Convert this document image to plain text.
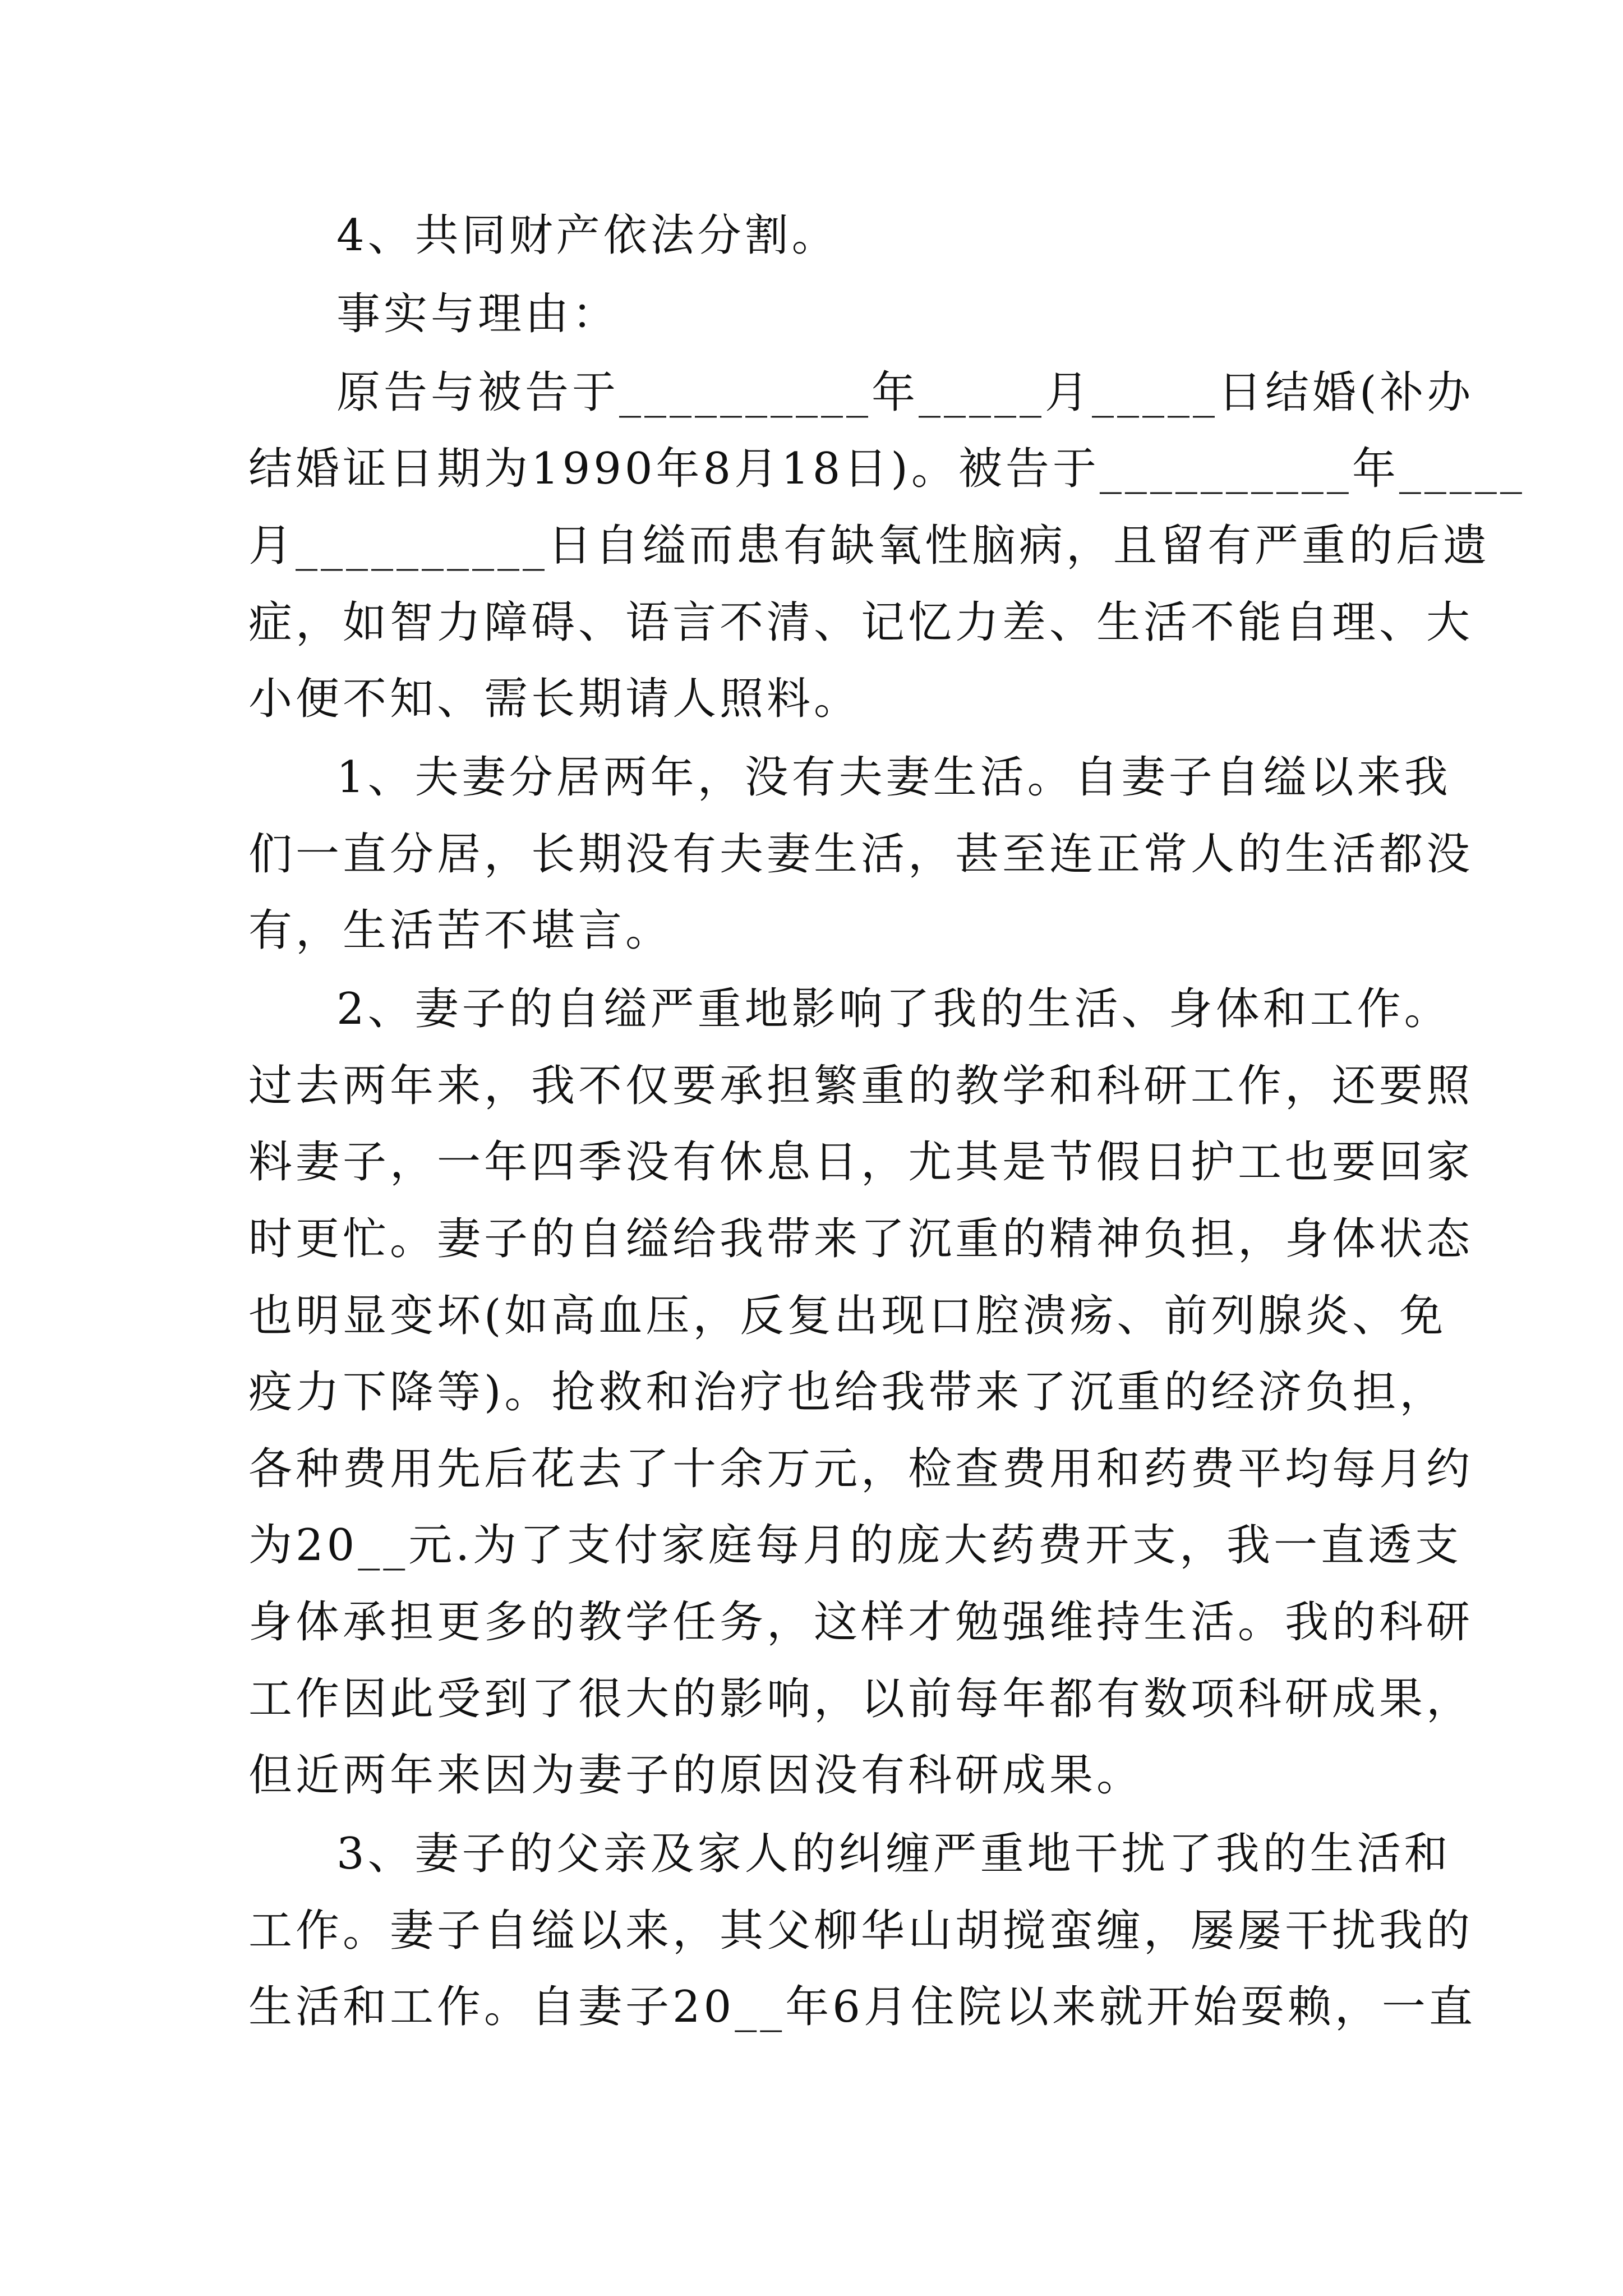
4、共同财产依法分割。
事实与理由：
原告与被告于__________年_____月_____日结婚(补办
结婚证日期为1990年8月18日)。被告于__________年_____
月__________日自缢而患有缺氧性脑病，且留有严重的后遗
症，如智力障碍、语言不清、记忆力差、生活不能自理、大
小便不知、需长期请人照料。
1、夫妻分居两年，没有夫妻生活。自妻子自缢以来我
们一直分居，长期没有夫妻生活，甚至连正常人的生活都没
有，生活苦不堪言。
2、妻子的自缢严重地影响了我的生活、身体和工作。
过去两年来，我不仅要承担繁重的教学和科研工作，还要照
料妻子，一年四季没有休息日，尤其是节假日护工也要回家
时更忙。妻子的自缢给我带来了沉重的精神负担，身体状态
也明显变坏(如高血压，反复出现口腔溃疡、前列腺炎、免
疫力下降等)。抢救和治疗也给我带来了沉重的经济负担，
各种费用先后花去了十余万元，检查费用和药费平均每月约
为20__元.为了支付家庭每月的庞大药费开支，我一直透支
身体承担更多的教学任务，这样才勉强维持生活。我的科研
工作因此受到了很大的影响，以前每年都有数项科研成果，
但近两年来因为妻子的原因没有科研成果。
3、妻子的父亲及家人的纠缠严重地干扰了我的生活和
工作。妻子自缢以来，其父柳华山胡搅蛮缠，屡屡干扰我的
生活和工作。自妻子20__年6月住院以来就开始耍赖，一直
